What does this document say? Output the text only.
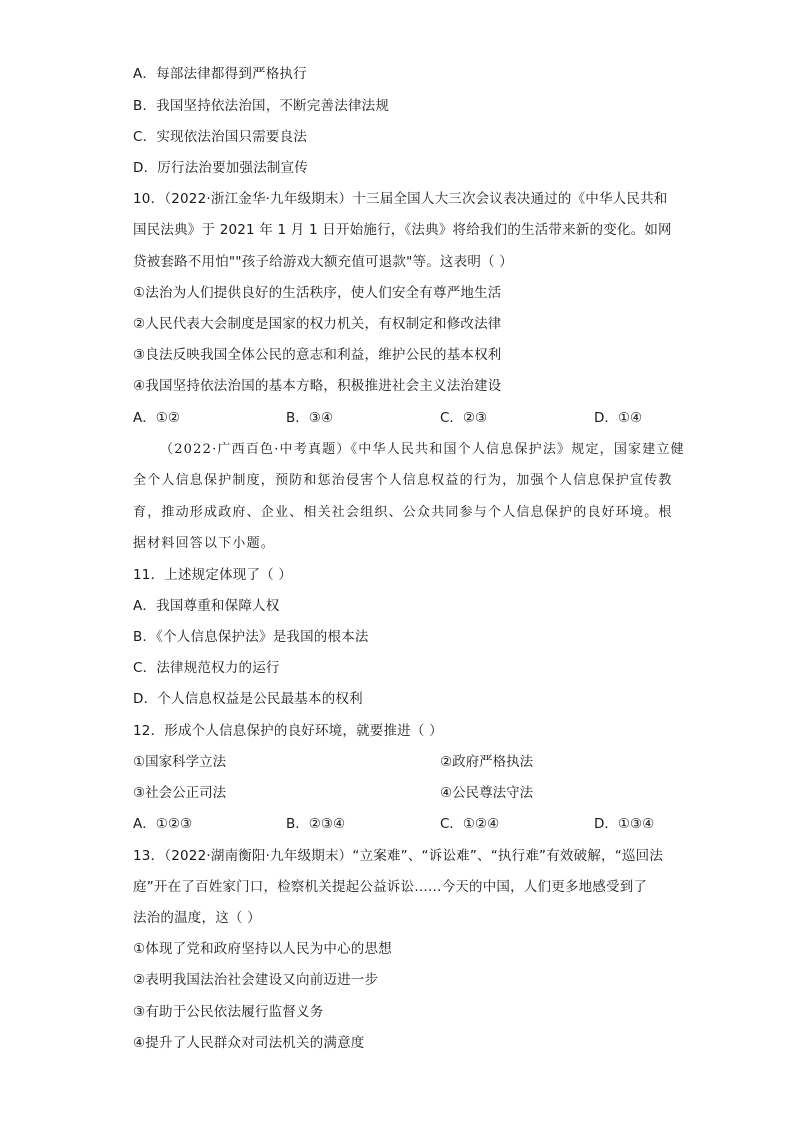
A．每部法律都得到严格执行
B．我国坚持依法治国，不断完善法律法规
C．实现依法治国只需要良法
D．厉行法治要加强法制宣传
10．（2022·浙江金华·九年级期末）十三届全国人大三次会议表决通过的《中华人民共和
国民法典》于 2021 年 1 月 1 日开始施行，《法典》将给我们的生活带来新的变化。如网
贷被套路不用怕""孩子给游戏大额充值可退款"等。这表明（ ）
①法治为人们提供良好的生活秩序，使人们安全有尊严地生活
②人民代表大会制度是国家的权力机关，有权制定和修改法律
③良法反映我国全体公民的意志和利益，维护公民的基本权利
④我国坚持依法治国的基本方略，积极推进社会主义法治建设
A．①②	B．③④	C．②③	D．①④
（2022·广西百色·中考真题）《中华人民共和国个人信息保护法》规定，国家建立健
全个人信息保护制度，预防和惩治侵害个人信息权益的行为，加强个人信息保护宣传教
育，推动形成政府、企业、相关社会组织、公众共同参与个人信息保护的良好环境。根
据材料回答以下小题。
11．上述规定体现了（ ）
A．我国尊重和保障人权
B．《个人信息保护法》是我国的根本法
C．法律规范权力的运行
D．个人信息权益是公民最基本的权利
12．形成个人信息保护的良好环境，就要推进（ ）
①国家科学立法	②政府严格执法
③社会公正司法	④公民尊法守法
A．①②③	B．②③④	C．①②④	D．①③④
13．（2022·湖南衡阳·九年级期末）“立案难”、“诉讼难”、“执行难”有效破解，“巡回法
庭”开在了百姓家门口，检察机关提起公益诉讼……今天的中国，人们更多地感受到了
法治的温度，这（ ）
①体现了党和政府坚持以人民为中心的思想
②表明我国法治社会建设又向前迈进一步
③有助于公民依法履行监督义务
④提升了人民群众对司法机关的满意度
